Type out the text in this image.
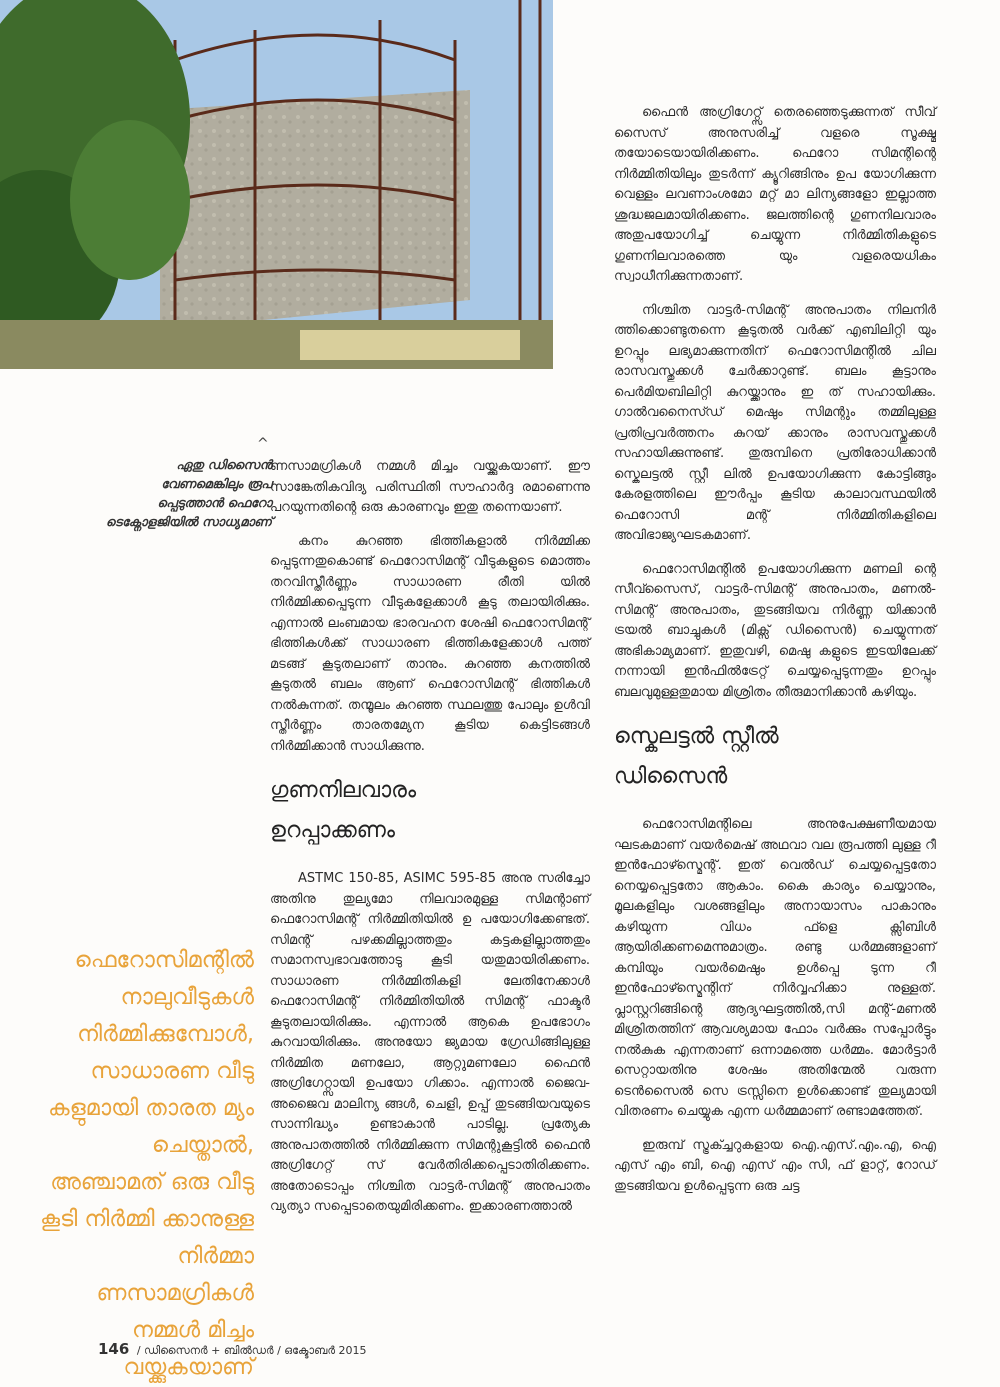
^
ഏതു ഡിസൈൻ വേണമെങ്കിലും രൂപ പ്പെടുത്താൻ ഫെറോ ടെക്നോളജിയിൽ സാധ്യമാണ്

ണസാമഗ്രികൾ നമ്മൾ മിച്ചം വയ്ക്കുകയാണ്. ഈ സാങ്കേതികവിദ്യ പരിസ്ഥിതി സൗഹാർദ്ദ രമാണെന്നു പറയുന്നതിന്റെ ഒരു കാരണവും ഇതു തന്നെയാണ്.

കനം കുറഞ്ഞ ഭിത്തികളാൽ നിർമ്മിക്ക പ്പെടുന്നതുകൊണ്ട് ഫെറോസിമന്റ് വീടുകളുടെ മൊത്തം തറവിസ്തീർണ്ണം സാധാരണ രീതി യിൽ നിർമ്മിക്കപ്പെടുന്ന വീടുകളേക്കാൾ കൂടു തലായിരിക്കും. എന്നാൽ ലംബമായ ഭാരവഹന ശേഷി ഫെറോസിമന്റ് ഭിത്തികൾക്ക് സാധാരണ ഭിത്തികളേക്കാൾ പത്ത് മടങ്ങ് കൂടുതലാണ് താനും. കുറഞ്ഞ കനത്തിൽ കൂടുതൽ ബലം ആണ് ഫെറോസിമന്റ് ഭിത്തികൾ നൽകുന്നത്. തന്മൂലം കുറഞ്ഞ സ്ഥലത്തു പോലും ഉൾവി സ്തീർണ്ണം താരതമ്യേന കൂടിയ കെട്ടിടങ്ങൾ നിർമ്മിക്കാൻ സാധിക്കുന്നു.

ഗുണനിലവാരം
ഉറപ്പാക്കണം

ASTMC 150-85, ASIMC 595-85 അനു സരിച്ചോ അതിനു തുല്യമോ നിലവാരമുള്ള സിമന്റാണ് ഫെറോസിമന്റ് നിർമ്മിതിയിൽ ഉ പയോഗിക്കേണ്ടത്. സിമന്റ് പഴക്കമില്ലാത്തതും കട്ടകളില്ലാത്തതും സമാനസ്വഭാവത്തോടു കൂടി യതുമായിരിക്കണം. സാധാരണ നിർമ്മിതികളി ലേതിനേക്കാൾ ഫെറോസിമന്റ് നിർമ്മിതിയിൽ സിമന്റ് ഫാക്ടർ കൂടുതലായിരിക്കും. എന്നാൽ ആകെ ഉപഭോഗം കുറവായിരിക്കും. അനുയോ ജ്യമായ ഗ്രേഡിങ്ങിലുള്ള നിർമ്മിത മണലോ, ആറ്റുമണലോ ഫൈൻ അഗ്രിഗേറ്റ്സായി ഉപയോ ഗിക്കാം. എന്നാൽ ജൈവ-അജൈവ മാലിന്യ ങ്ങൾ, ചെളി, ഉപ്പ് തുടങ്ങിയവയുടെ സാന്നിദ്ധ്യം ഉണ്ടാകാൻ പാടില്ല. പ്രത്യേക അനുപാതത്തിൽ നിർമ്മിക്കുന്ന സിമന്റുകൂട്ടിൽ ഫൈൻ അഗ്രിഗേറ്റ് സ് വേർതിരിക്കപ്പെടാതിരിക്കണം. അതോടൊപ്പം നിശ്ചിത വാട്ടർ-സിമന്റ് അനുപാതം വ്യത്യാ സപ്പെടാതെയുമിരിക്കണം. ഇക്കാരണത്താൽ

ഫൈൻ അഗ്രിഗേറ്റ്സ് തെരഞ്ഞെടുക്കുന്നത് സീവ് സൈസ് അനുസരിച്ച് വളരെ സൂക്ഷ്മ തയോടെയായിരിക്കണം. ഫെറോ സിമന്റിന്റെ നിർമ്മിതിയിലും തുടർന്ന് ക്യൂറിങ്ങിനും ഉപ യോഗിക്കുന്ന വെള്ളം ലവണാംശമോ മറ്റ് മാ ലിന്യങ്ങളോ ഇല്ലാത്ത ശുദ്ധജലമായിരിക്കണം. ജലത്തിന്റെ ഗുണനിലവാരം അതുപയോഗിച്ച് ചെയ്യുന്ന നിർമ്മിതികളുടെ ഗുണനിലവാരത്തെ യും വളരെയധികം സ്വാധീനിക്കുന്നതാണ്.

നിശ്ചിത വാട്ടർ-സിമന്റ് അനുപാതം നിലനിർ ത്തിക്കൊണ്ടുതന്നെ കൂടുതൽ വർക്ക് എബിലിറ്റി യും ഉറപ്പും ലഭ്യമാക്കുന്നതിന് ഫെറോസിമന്റിൽ ചില രാസവസ്തുക്കൾ ചേർക്കാറുണ്ട്. ബലം കൂട്ടാനും പെർമിയബിലിറ്റി കുറയ്ക്കാനും ഇ ത് സഹായിക്കും. ഗാൽവനൈസ്ഡ് മെഷും സിമന്റും തമ്മിലുള്ള പ്രതിപ്രവർത്തനം കുറയ് ക്കാനും രാസവസ്തുക്കൾ സഹായിക്കുന്നുണ്ട്. തുരുമ്പിനെ പ്രതിരോധിക്കാൻ സ്കെലട്ടൽ സ്റ്റീ ലിൽ ഉപയോഗിക്കുന്ന കോട്ടിങ്ങും കേരളത്തിലെ ഈർപ്പം കൂടിയ കാലാവസ്ഥയിൽ ഫെറോസി മന്റ് നിർമ്മിതികളിലെ അവിഭാജ്യഘടകമാണ്.

ഫെറോസിമന്റിൽ ഉപയോഗിക്കുന്ന മണലി ന്റെ സീവ്സൈസ്, വാട്ടർ-സിമന്റ് അനുപാതം, മണൽ-സിമന്റ് അനുപാതം, തുടങ്ങിയവ നിർണ്ണ യിക്കാൻ ട്രയൽ ബാച്ചുകൾ (മിക്സ് ഡിസൈൻ) ചെയ്യുന്നത് അഭികാമ്യമാണ്. ഇതുവഴി, മെഷു കളുടെ ഇടയിലേക്ക് നന്നായി ഇൻഫിൽട്രേറ്റ് ചെയ്യപ്പെടുന്നതും ഉറപ്പും ബലവുമുള്ളതുമായ മിശ്രിതം തീരുമാനിക്കാൻ കഴിയും.

സ്കെലട്ടൽ സ്റ്റീൽ
ഡിസൈൻ

ഫെറോസിമന്റിലെ അനുപേക്ഷണീയമായ ഘടകമാണ് വയർമെഷ് അഥവാ വല രൂപത്തി ലുള്ള റീ ഇൻഫോഴ്സ്മെന്റ്. ഇത് വെൽഡ് ചെയ്യപ്പെട്ടതോ നെയ്യപ്പെട്ടതോ ആകാം. കൈ കാര്യം ചെയ്യാനും, മൂലകളിലും വശങ്ങളിലും അനായാസം പാകാനും കഴിയുന്ന വിധം ഫ്ളെ ക്സിബിൾ ആയിരിക്കണമെന്നുമാത്രം. രണ്ടു ധർമ്മങ്ങളാണ് കമ്പിയും വയർമെഷും ഉൾപ്പെ ടുന്ന റീ ഇൻഫോഴ്സ്മെന്റിന് നിർവ്വഹിക്കാ നുള്ളത്. പ്ലാസ്റ്ററിങ്ങിന്റെ ആദ്യഘട്ടത്തിൽ,സി മന്റ്-മണൽ മിശ്രിതത്തിന് ആവശ്യമായ ഫോം വർക്കും സപ്പോർട്ടും നൽകുക എന്നതാണ് ഒന്നാമത്തെ ധർമ്മം. മോർട്ടാർ സെറ്റായതിനു ശേഷം അതിന്മേൽ വരുന്ന ടെൻസൈൽ സെ ട്രസ്സിനെ ഉൾക്കൊണ്ട് തുല്യമായി വിതരണം ചെയ്യുക എന്ന ധർമ്മമാണ് രണ്ടാമത്തേത്.

ഇരുമ്പ് സ്ട്രക്ച്ചറുകളായ ഐ.എസ്.എം.എ, ഐ എസ് എം ബി, ഐ എസ് എം സി, ഫ് ളാറ്റ്, റോഡ് തുടങ്ങിയവ ഉൾപ്പെടുന്ന ഒരു ചട്ട

ഫെറോസിമന്റിൽ നാലുവീടുകൾ നിർമ്മിക്കുമ്പോൾ, സാധാരണ വീടു കളുമായി താരത മ്യം ചെയ്താൽ, അഞ്ചാമത് ഒരു വീടു കൂടി നിർമ്മി ക്കാനുള്ള നിർമ്മാ ണസാമഗ്രികൾ നമ്മൾ മിച്ചം വയ്ക്കുകയാണ്
146 / ഡിസൈനർ + ബിൽഡർ / ഒക്ടോബർ 2015
